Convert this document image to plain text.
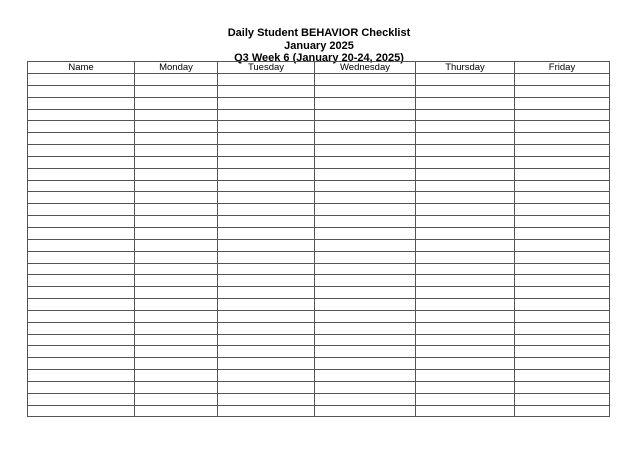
Daily Student BEHAVIOR Checklist
January 2025
Q3 Week 6 (January 20-24, 2025)
Name	Monday	Tuesday	Wednesday	Thursday	Friday
